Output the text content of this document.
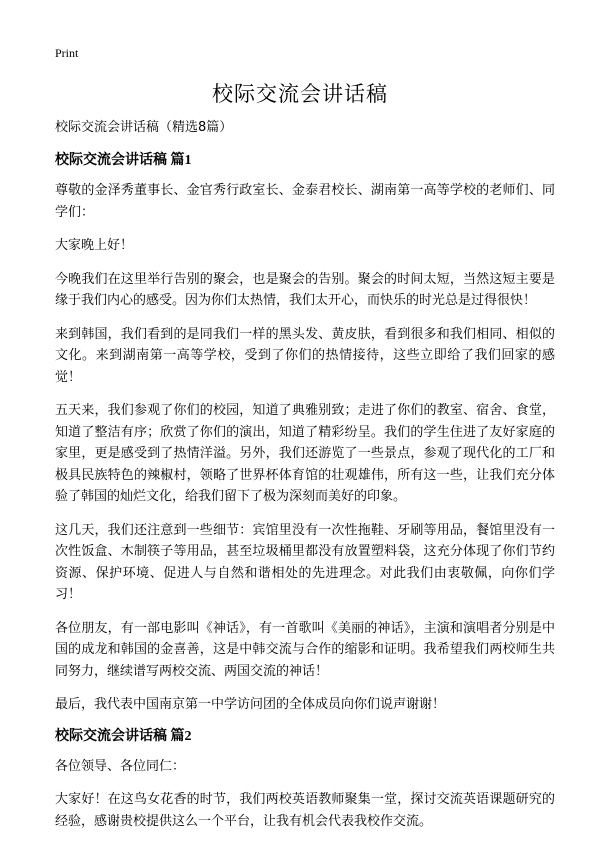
Print
校际交流会讲话稿

校际交流会讲话稿（精选8篇）

校际交流会讲话稿 篇1

尊敬的金泽秀董事长、金官秀行政室长、金泰君校长、湖南第一高等学校的老师们、同学们：

大家晚上好！

今晚我们在这里举行告别的聚会，也是聚会的告别。聚会的时间太短，当然这短主要是缘于我们内心的感受。因为你们太热情，我们太开心，而快乐的时光总是过得很快！

来到韩国，我们看到的是同我们一样的黑头发、黄皮肤，看到很多和我们相同、相似的文化。来到湖南第一高等学校，受到了你们的热情接待，这些立即给了我们回家的感觉！

五天来，我们参观了你们的校园，知道了典雅别致；走进了你们的教室、宿舍、食堂，知道了整洁有序；欣赏了你们的演出，知道了精彩纷呈。我们的学生住进了友好家庭的家里，更是感受到了热情洋溢。另外，我们还游览了一些景点，参观了现代化的工厂和极具民族特色的辣椒村，领略了世界杯体育馆的壮观雄伟，所有这一些，让我们充分体验了韩国的灿烂文化，给我们留下了极为深刻而美好的印象。

这几天，我们还注意到一些细节：宾馆里没有一次性拖鞋、牙刷等用品，餐馆里没有一次性饭盒、木制筷子等用品，甚至垃圾桶里都没有放置塑料袋，这充分体现了你们节约资源、保护环境、促进人与自然和谐相处的先进理念。对此我们由衷敬佩，向你们学习！

各位朋友，有一部电影叫《神话》，有一首歌叫《美丽的神话》，主演和演唱者分别是中国的成龙和韩国的金喜善，这是中韩交流与合作的缩影和证明。我希望我们两校师生共同努力，继续谱写两校交流、两国交流的神话！

最后，我代表中国南京第一中学访问团的全体成员向你们说声谢谢！

校际交流会讲话稿 篇2

各位领导、各位同仁：

大家好！在这鸟女花香的时节，我们两校英语教师聚集一堂，探讨交流英语课题研究的经验，感谢贵校提供这么一个平台，让我有机会代表我校作交流。
